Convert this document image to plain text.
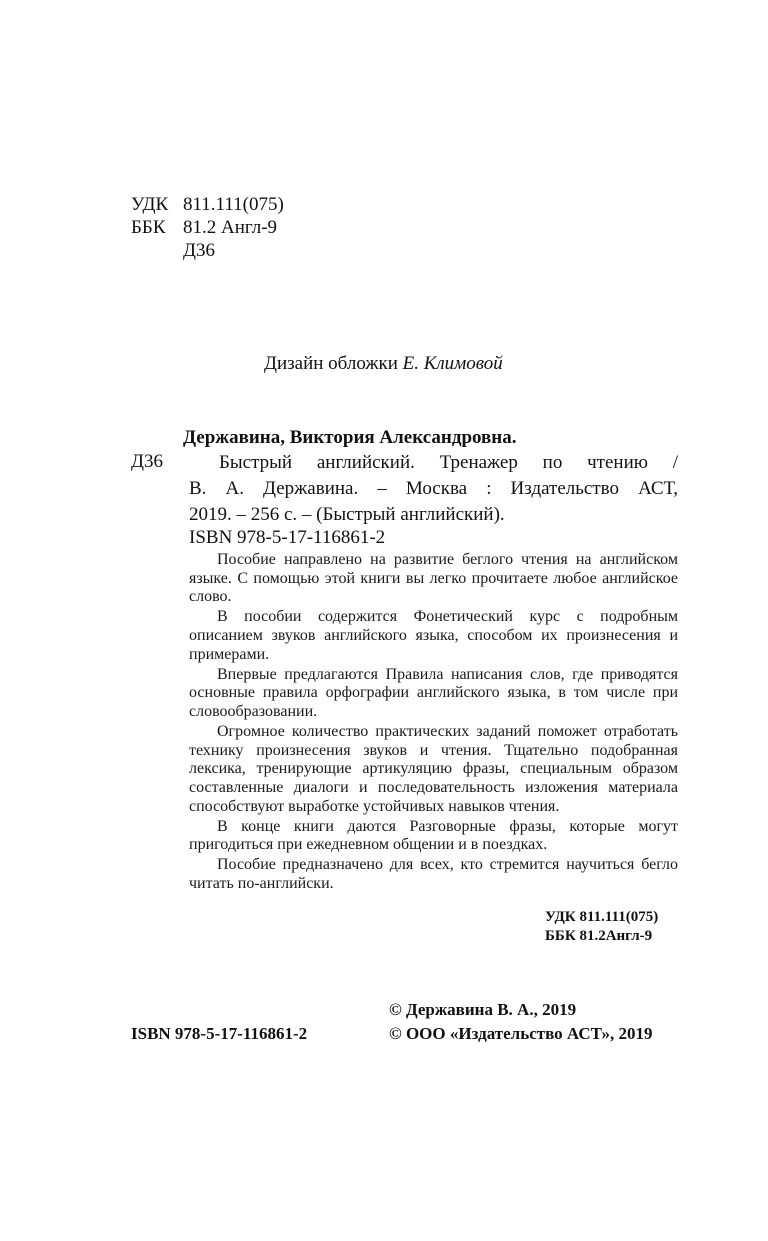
УДК 811.111(075)
ББК 81.2 Англ-9
Д36
Дизайн обложки Е. Климовой
Державина, Виктория Александровна.
Д36	Быстрый английский. Тренажер по чтению /
В. А. Державина. – Москва : Издательство АСТ,
2019. – 256 с. – (Быстрый английский).
ISBN 978-5-17-116861-2

Пособие направлено на развитие беглого чтения на английском языке. С помощью этой книги вы легко прочитаете любое английское слово.

В пособии содержится Фонетический курс с подробным описанием звуков английского языка, способом их произнесения и примерами.

Впервые предлагаются Правила написания слов, где приводятся основные правила орфографии английского языка, в том числе при словообразовании.

Огромное количество практических заданий поможет отработать технику произнесения звуков и чтения. Тщательно подобранная лексика, тренирующие артикуляцию фразы, специальным образом составленные диалоги и последовательность изложения материала способствуют выработке устойчивых навыков чтения.

В конце книги даются Разговорные фразы, которые могут пригодиться при ежедневном общении и в поездках.

Пособие предназначено для всех, кто стремится научиться бегло читать по-английски.

УДК 811.111(075)
ББК 81.2Англ-9
ISBN 978-5-17-116861-2
© Державина В. А., 2019
© ООО «Издательство АСТ», 2019
